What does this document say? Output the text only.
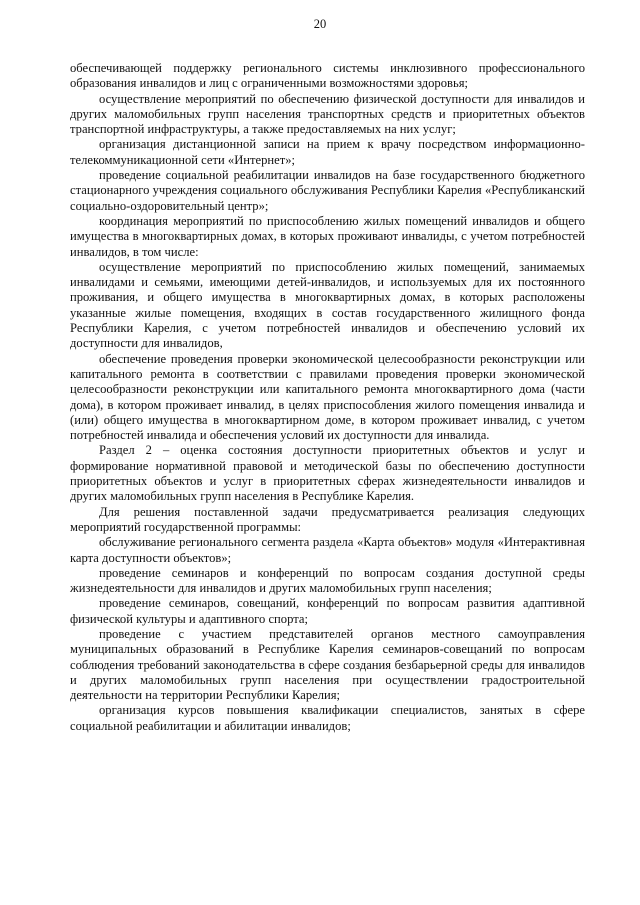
20

обеспечивающей поддержку регионального системы инклюзивного профессионального образования инвалидов и лиц с ограниченными возможностями здоровья;

осуществление мероприятий по обеспечению физической доступности для инвалидов и других маломобильных групп населения транспортных средств и приоритетных объектов транспортной инфраструктуры, а также предоставляемых на них услуг;

организация дистанционной записи на прием к врачу посредством информационно-телекоммуникационной сети «Интернет»;

проведение социальной реабилитации инвалидов на базе государственного бюджетного стационарного учреждения социального обслуживания Республики Карелия «Республиканский социально-оздоровительный центр»;

координация мероприятий по приспособлению жилых помещений инвалидов и общего имущества в многоквартирных домах, в которых проживают инвалиды, с учетом потребностей инвалидов, в том числе:

осуществление мероприятий по приспособлению жилых помещений, занимаемых инвалидами и семьями, имеющими детей-инвалидов, и используемых для их постоянного проживания, и общего имущества в многоквартирных домах, в которых расположены указанные жилые помещения, входящих в состав государственного жилищного фонда Республики Карелия, с учетом потребностей инвалидов и обеспечению условий их доступности для инвалидов,

обеспечение проведения проверки экономической целесообразности реконструкции или капитального ремонта в соответствии с правилами проведения проверки экономической целесообразности реконструкции или капитального ремонта многоквартирного дома (части дома), в котором проживает инвалид, в целях приспособления жилого помещения инвалида и (или) общего имущества в многоквартирном доме, в котором проживает инвалид, с учетом потребностей инвалида и обеспечения условий их доступности для инвалида.

Раздел 2 – оценка состояния доступности приоритетных объектов и услуг и формирование нормативной правовой и методической базы по обеспечению доступности приоритетных объектов и услуг в приоритетных сферах жизнедеятельности инвалидов и других маломобильных групп населения в Республике Карелия.

Для решения поставленной задачи предусматривается реализация следующих мероприятий государственной программы:

обслуживание регионального сегмента раздела «Карта объектов» модуля «Интерактивная карта доступности объектов»;

проведение семинаров и конференций по вопросам создания доступной среды жизнедеятельности для инвалидов и других маломобильных групп населения;

проведение семинаров, совещаний, конференций по вопросам развития адаптивной физической культуры и адаптивного спорта;

проведение с участием представителей органов местного самоуправления муниципальных образований в Республике Карелия семинаров-совещаний по вопросам соблюдения требований законодательства в сфере создания безбарьерной среды для инвалидов и других маломобильных групп населения при осуществлении градостроительной деятельности на территории Республики Карелия;

организация курсов повышения квалификации специалистов, занятых в сфере социальной реабилитации и абилитации инвалидов;
